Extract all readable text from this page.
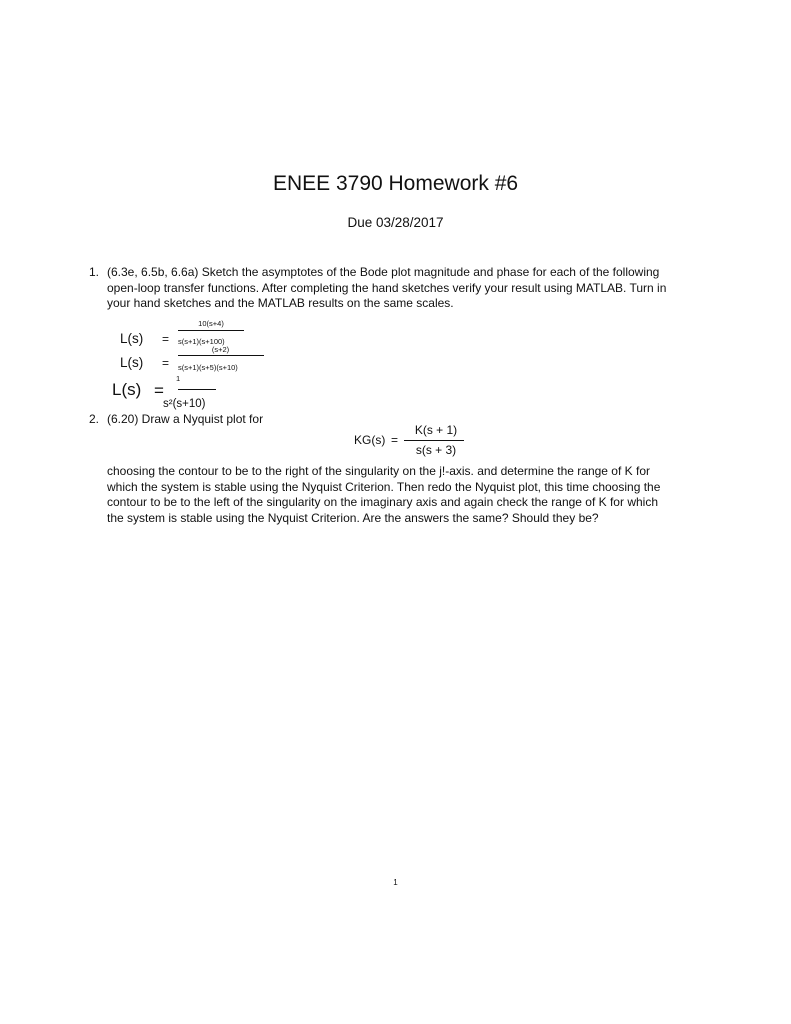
ENEE 3790 Homework #6
Due 03/28/2017
1. (6.3e, 6.5b, 6.6a) Sketch the asymptotes of the Bode plot magnitude and phase for each of the following
open-loop transfer functions. After completing the hand sketches verify your result using MATLAB. Turn in
your hand sketches and the MATLAB results on the same scales.
L(s) =
10(s+4)
s(s+1)(s+100)
(s+2)
L(s) = s(s+1)(s+5)(s+10)
1
L(s) =
s²(s+10)
2. (6.20) Draw a Nyquist plot for
K(s + 1)
KG(s) =
s(s + 3)
choosing the contour to be to the right of the singularity on the j!-axis. and determine the range of K for
which the system is stable using the Nyquist Criterion. Then redo the Nyquist plot, this time choosing the
contour to be to the left of the singularity on the imaginary axis and again check the range of K for which
the system is stable using the Nyquist Criterion. Are the answers the same? Should they be?
1
